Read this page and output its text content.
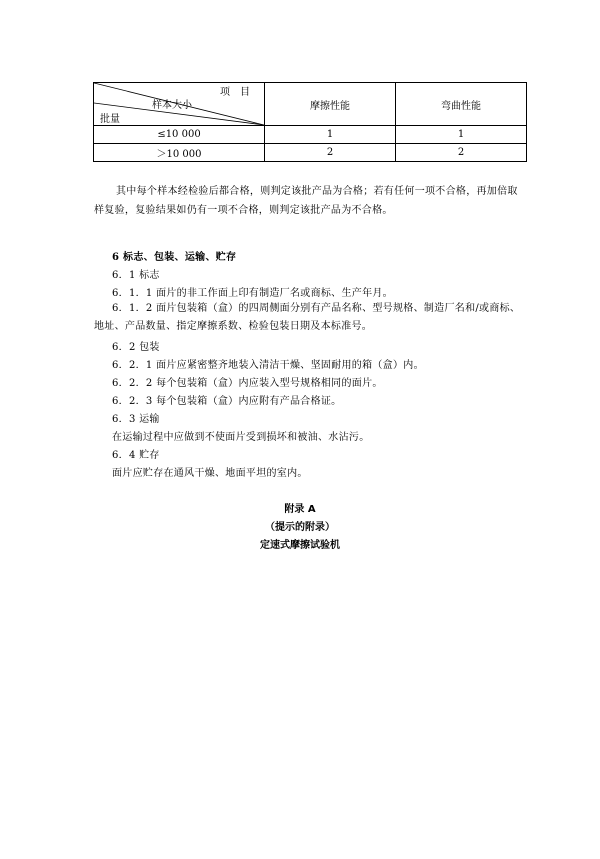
项　目
样本大小
批量	摩擦性能	弯曲性能
≤10 000	1	1
＞10 000	2	2
其中每个样本经检验后都合格，则判定该批产品为合格；若有任何一项不合格，再加倍取样复验，复验结果如仍有一项不合格，则判定该批产品为不合格。
6 标志、包装、运输、贮存
6．1 标志
6．1．1 面片的非工作面上印有制造厂名或商标、生产年月。
6．1．2 面片包装箱（盒）的四周侧面分别有产品名称、型号规格、制造厂名和/或商标、地址、产品数量、指定摩擦系数、检验包装日期及本标准号。
6．2 包装
6．2．1 面片应紧密整齐地装入清洁干燥、坚固耐用的箱（盒）内。
6．2．2 每个包装箱（盒）内应装入型号规格相同的面片。
6．2．3 每个包装箱（盒）内应附有产品合格证。
6．3 运输
在运输过程中应做到不使面片受到损坏和被油、水沾污。
6．4 贮存
面片应贮存在通风干燥、地面平坦的室内。
附录 A
（提示的附录）
定速式摩擦试验机
